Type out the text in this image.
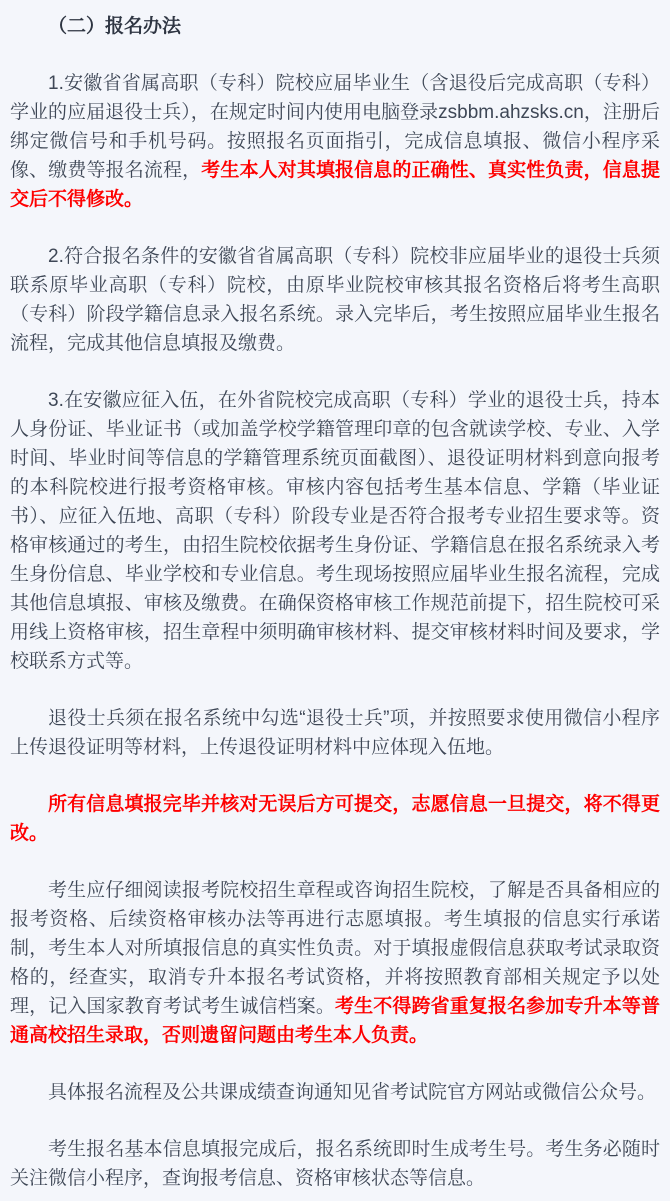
（二）报名办法

1.安徽省省属高职（专科）院校应届毕业生（含退役后完成高职（专科）学业的应届退役士兵），在规定时间内使用电脑登录zsbbm.ahzsks.cn，注册后绑定微信号和手机号码。按照报名页面指引，完成信息填报、微信小程序采像、缴费等报名流程，考生本人对其填报信息的正确性、真实性负责，信息提交后不得修改。

2.符合报名条件的安徽省省属高职（专科）院校非应届毕业的退役士兵须联系原毕业高职（专科）院校，由原毕业院校审核其报名资格后将考生高职（专科）阶段学籍信息录入报名系统。录入完毕后，考生按照应届毕业生报名流程，完成其他信息填报及缴费。

3.在安徽应征入伍，在外省院校完成高职（专科）学业的退役士兵，持本人身份证、毕业证书（或加盖学校学籍管理印章的包含就读学校、专业、入学时间、毕业时间等信息的学籍管理系统页面截图）、退役证明材料到意向报考的本科院校进行报考资格审核。审核内容包括考生基本信息、学籍（毕业证书）、应征入伍地、高职（专科）阶段专业是否符合报考专业招生要求等。资格审核通过的考生，由招生院校依据考生身份证、学籍信息在报名系统录入考生身份信息、毕业学校和专业信息。考生现场按照应届毕业生报名流程，完成其他信息填报、审核及缴费。在确保资格审核工作规范前提下，招生院校可采用线上资格审核，招生章程中须明确审核材料、提交审核材料时间及要求，学校联系方式等。

退役士兵须在报名系统中勾选“退役士兵”项，并按照要求使用微信小程序上传退役证明等材料，上传退役证明材料中应体现入伍地。

所有信息填报完毕并核对无误后方可提交，志愿信息一旦提交，将不得更改。

考生应仔细阅读报考院校招生章程或咨询招生院校，了解是否具备相应的报考资格、后续资格审核办法等再进行志愿填报。考生填报的信息实行承诺制，考生本人对所填报信息的真实性负责。对于填报虚假信息获取考试录取资格的，经查实，取消专升本报名考试资格，并将按照教育部相关规定予以处理，记入国家教育考试考生诚信档案。考生不得跨省重复报名参加专升本等普通高校招生录取，否则遗留问题由考生本人负责。

具体报名流程及公共课成绩查询通知见省考试院官方网站或微信公众号。

考生报名基本信息填报完成后，报名系统即时生成考生号。考生务必随时关注微信小程序，查询报考信息、资格审核状态等信息。
